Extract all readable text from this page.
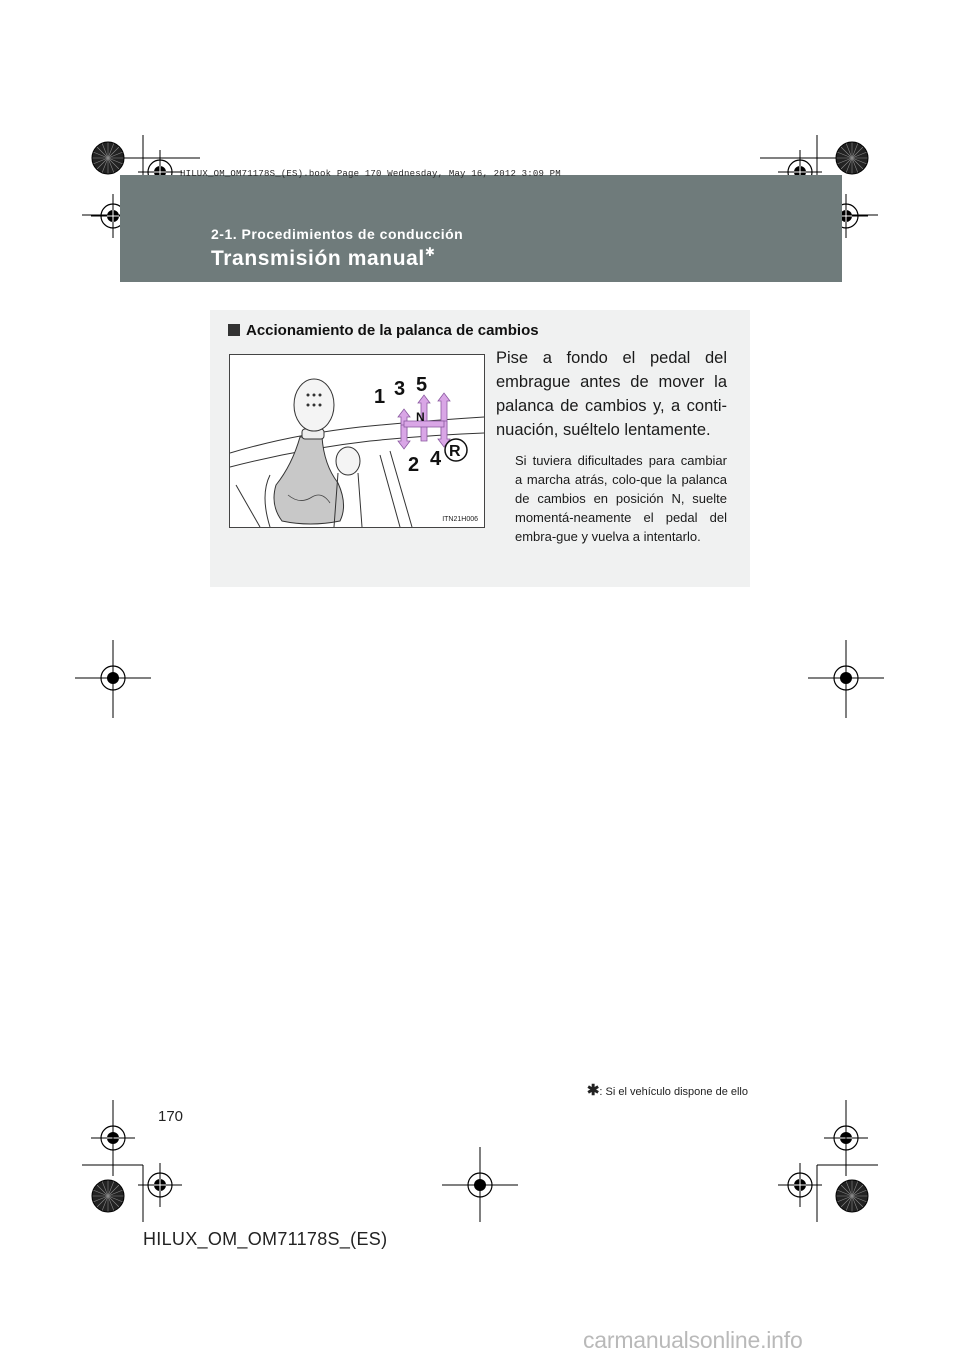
HILUX_OM_OM71178S_(ES).book Page 170 Wednesday, May 16, 2012 3:09 PM
2-1. Procedimientos de conducción
Transmisión manual✱
Accionamiento de la palanca de cambios
1 3 5
N
2 4 R
ITN21H006
Pise a fondo el pedal del embrague antes de mover la palanca de cambios y, a conti-nuación, suéltelo lentamente.
Si tuviera dificultades para cambiar a marcha atrás, colo-que la palanca de cambios en posición N, suelte momentá-neamente el pedal del embra-gue y vuelva a intentarlo.
✱: Si el vehículo dispone de ello
170
HILUX_OM_OM71178S_(ES)
carmanualsonline.info
